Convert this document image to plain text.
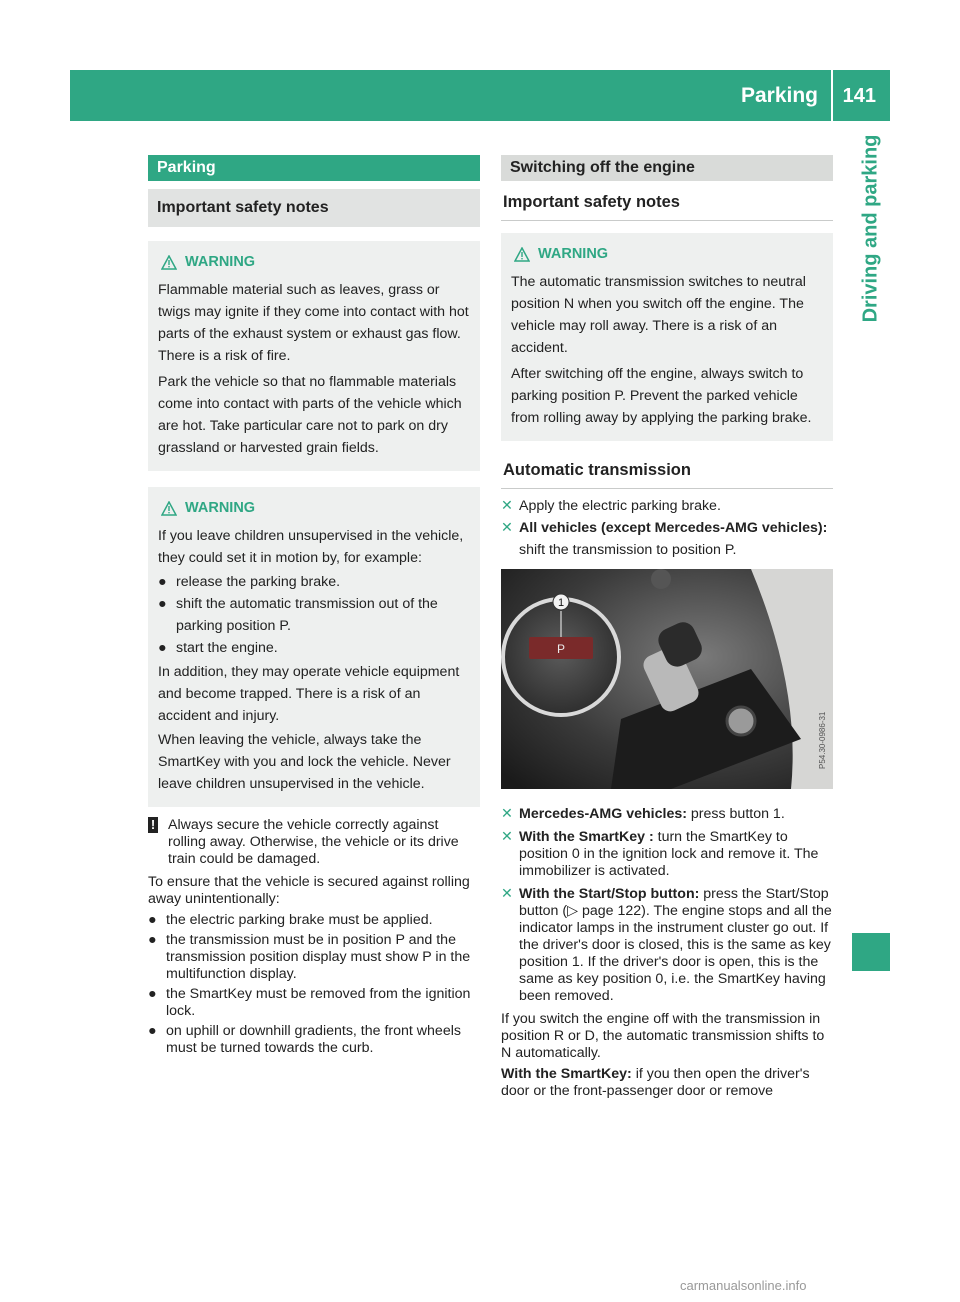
Parking 141
Driving and parking
Parking
Important safety notes
WARNING

Flammable material such as leaves, grass or twigs may ignite if they come into contact with hot parts of the exhaust system or exhaust gas flow. There is a risk of fire.

Park the vehicle so that no flammable materials come into contact with parts of the vehicle which are hot. Take particular care not to park on dry grassland or harvested grain fields.

WARNING

If you leave children unsupervised in the vehicle, they could set it in motion by, for example:

● release the parking brake.
● shift the automatic transmission out of the parking position P.
● start the engine.

In addition, they may operate vehicle equipment and become trapped. There is a risk of an accident and injury.

When leaving the vehicle, always take the SmartKey with you and lock the vehicle. Never leave children unsupervised in the vehicle.

! Always secure the vehicle correctly against rolling away. Otherwise, the vehicle or its drive train could be damaged.

To ensure that the vehicle is secured against rolling away unintentionally:

● the electric parking brake must be applied.
● the transmission must be in position P and the transmission position display must show P in the multifunction display.
● the SmartKey must be removed from the ignition lock.
● on uphill or downhill gradients, the front wheels must be turned towards the curb.
Switching off the engine
Important safety notes
WARNING

The automatic transmission switches to neutral position N when you switch off the engine. The vehicle may roll away. There is a risk of an accident.

After switching off the engine, always switch to parking position P. Prevent the parked vehicle from rolling away by applying the parking brake.

Automatic transmission
✕ Apply the electric parking brake.
✕ All vehicles (except Mercedes-AMG vehicles): shift the transmission to position P.
P
1
P54.30-0986-31
✕ Mercedes-AMG vehicles: press button 1.
✕ With the SmartKey : turn the SmartKey to position 0 in the ignition lock and remove it. The immobilizer is activated.
✕ With the Start/Stop button: press the Start/Stop button (▷ page 122). The engine stops and all the indicator lamps in the instrument cluster go out. If the driver's door is closed, this is the same as key position 1. If the driver's door is open, this is the same as key position 0, i.e. the SmartKey having been removed.

If you switch the engine off with the transmission in position R or D, the automatic transmission shifts to N automatically.

With the SmartKey: if you then open the driver's door or the front-passenger door or remove

carmanualsonline.info
